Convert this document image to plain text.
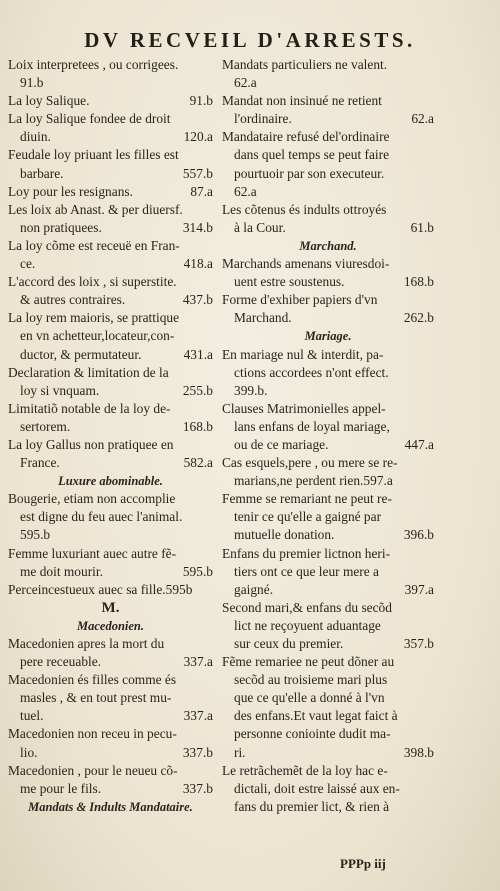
DV RECVEIL D'ARRESTS.
Loix interpretees , ou corrigees.
91.b
La loy Salique.	91.b
La loy Salique fondee de droit
diuin.	120.a
Feudale loy priuant les filles est
barbare.	557.b
Loy pour les resignans.	87.a
Les loix ab Anast. & per diuersf.
non pratiquees.	314.b
La loy cõme est receuë en Fran-
ce.	418.a
L'accord des loix , si superstite.
& autres contraires.	437.b
La loy rem maioris, se prattique
en vn achetteur,locateur,con-
ductor, & permutateur.	431.a
Declaration & limitation de la
loy si vnquam.	255.b
Limitatiõ notable de la loy de-
sertorem.	168.b
La loy Gallus non pratiquee en
France.	582.a
Luxure abominable.
Bougerie, etiam non accomplie
est digne du feu auec l'animal.
595.b
Femme luxuriant auec autre fẽ-
me doit mourir.	595.b
Perceincestueux auec sa fille.595b
M.
Macedonien.
Macedonien apres la mort du
pere receuable.	337.a
Macedonien és filles comme és
masles , & en tout prest mu-
tuel.	337.a
Macedonien non receu in pecu-
lio.	337.b
Macedonien , pour le neueu cõ-
me pour le fils.	337.b
Mandats & Indults Mandataire.
Mandats particuliers ne valent.
62.a
Mandat non insinué ne retient
l'ordinaire.	62.a
Mandataire refusé del'ordinaire
dans quel temps se peut faire
pourtuoir par son executeur.
62.a
Les cõtenus és indults ottroyés
à la Cour.	61.b
Marchand.
Marchands amenans viuresdoi-
uent estre soustenus.	168.b
Forme d'exhiber papiers d'vn
Marchand.	262.b
Mariage.
En mariage nul & interdit, pa-
ctions accordees n'ont effect.
399.b.
Clauses Matrimonielles appel-
lans enfans de loyal mariage,
ou de ce mariage.	447.a
Cas esquels,pere , ou mere se re-
marians,ne perdent rien.597.a
Femme se remariant ne peut re-
tenir ce qu'elle a gaigné par
mutuelle donation.	396.b
Enfans du premier lictnon heri-
tiers ont ce que leur mere a
gaigné.	397.a
Second mari,& enfans du secõd
lict ne reçoyuent aduantage
sur ceux du premier.	357.b
Fẽme remariee ne peut dõner au
secõd au troisieme mari plus
que ce qu'elle a donné à l'vn
des enfans.Et vaut legat faict à
personne coniointe dudit ma-
ri.	398.b
Le retrãchemẽt de la loy hac e-
dictali, doit estre laissé aux en-
fans du premier lict, & rien à
PPPp iij
